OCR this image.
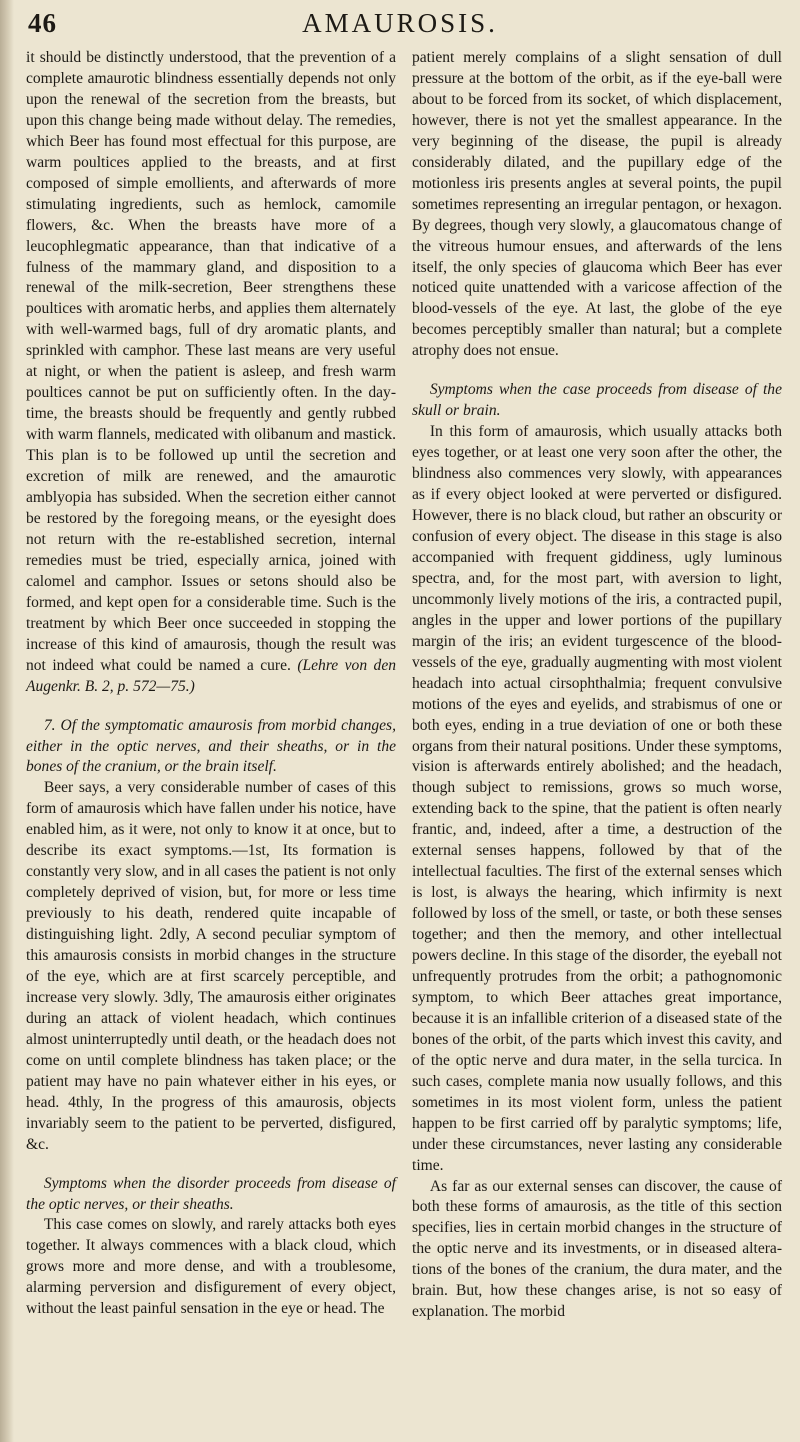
46	AMAUROSIS.

it should be distinctly understood, that the prevention of a complete amaurotic blindness essentially depends not only upon the renewal of the secretion from the breasts, but upon this change being made without delay. The remedies, which Beer has found most effectual for this purpose, are warm poultices applied to the breasts, and at first composed of simple emollients, and afterwards of more stimulating ingredients, such as hemlock, camomile flowers, &c. When the breasts have more of a leucophlegmatic appearance, than that indicative of a fulness of the mammary gland, and disposition to a renewal of the milk-secretion, Beer strengthens these poultices with aromatic herbs, and applies them alternately with well-warmed bags, full of dry aromatic plants, and sprinkled with camphor. These last means are very useful at night, or when the patient is asleep, and fresh warm poultices cannot be put on sufficiently often. In the day-time, the breasts should be frequently and gently rubbed with warm flannels, medicated with olibanum and mastick. This plan is to be followed up until the secretion and excretion of milk are renewed, and the amaurotic amblyopia has subsided. When the secretion either cannot be restored by the foregoing means, or the eyesight does not return with the re-established secretion, internal remedies must be tried, especially arnica, joined with calomel and camphor. Issues or setons should also be formed, and kept open for a considerable time. Such is the treatment by which Beer once succeeded in stopping the increase of this kind of amaurosis, though the result was not indeed what could be named a cure. (Lehre von den Augenkr. B. 2, p. 572—75.)

7. Of the symptomatic amaurosis from morbid changes, either in the optic nerves, and their sheaths, or in the bones of the cranium, or the brain itself.

Beer says, a very considerable number of cases of this form of amaurosis which have fallen under his notice, have enabled him, as it were, not only to know it at once, but to describe its exact symptoms.—1st, Its formation is constantly very slow, and in all cases the patient is not only completely deprived of vision, but, for more or less time previously to his death, rendered quite incapable of distinguishing light. 2dly, A second peculiar symptom of this amaurosis consists in morbid changes in the structure of the eye, which are at first scarcely perceptible, and increase very slowly. 3dly, The amaurosis either originates during an attack of violent headach, which continues almost uninterruptedly until death, or the headach does not come on until complete blindness has taken place; or the patient may have no pain whatever either in his eyes, or head. 4thly, In the progress of this amaurosis, objects invariably seem to the patient to be perverted, disfigured, &c.

Symptoms when the disorder proceeds from disease of the optic nerves, or their sheaths.

This case comes on slowly, and rarely attacks both eyes together. It always commences with a black cloud, which grows more and more dense, and with a troublesome, alarming perversion and disfigurement of every object, without the least painful sensation in the eye or head. The

patient merely complains of a slight sensation of dull pressure at the bottom of the orbit, as if the eye-ball were about to be forced from its socket, of which displacement, however, there is not yet the smallest appearance. In the very beginning of the disease, the pupil is already considerably dilated, and the pupillary edge of the motionless iris presents angles at several points, the pupil sometimes representing an irregular pentagon, or hexagon. By degrees, though very slowly, a glaucomatous change of the vitreous humour ensues, and afterwards of the lens itself, the only species of glaucoma which Beer has ever noticed quite unattended with a varicose affection of the blood-vessels of the eye. At last, the globe of the eye becomes perceptibly smaller than natural; but a complete atrophy does not ensue.

Symptoms when the case proceeds from disease of the skull or brain.

In this form of amaurosis, which usually attacks both eyes together, or at least one very soon after the other, the blindness also commences very slowly, with appearances as if every object looked at were perverted or disfigured. However, there is no black cloud, but rather an obscurity or confusion of every object. The disease in this stage is also accompanied with frequent giddiness, ugly luminous spectra, and, for the most part, with aversion to light, uncommonly lively motions of the iris, a contracted pupil, angles in the upper and lower portions of the pupillary margin of the iris; an evident turgescence of the blood-vessels of the eye, gradually augmenting with most violent headach into actual cirsophthalmia; frequent convulsive motions of the eyes and eyelids, and strabismus of one or both eyes, ending in a true deviation of one or both these organs from their natural positions. Under these symptoms, vision is afterwards entirely abolished; and the headach, though subject to remissions, grows so much worse, extending back to the spine, that the patient is often nearly frantic, and, indeed, after a time, a destruction of the external senses happens, followed by that of the intellectual faculties. The first of the external senses which is lost, is always the hearing, which infirmity is next followed by loss of the smell, or taste, or both these senses together; and then the memory, and other intellectual powers decline. In this stage of the disorder, the eyeball not unfrequently protrudes from the orbit; a pathognomonic symptom, to which Beer attaches great importance, because it is an infallible criterion of a diseased state of the bones of the orbit, of the parts which invest this cavity, and of the optic nerve and dura mater, in the sella turcica. In such cases, complete mania now usually follows, and this sometimes in its most violent form, unless the patient happen to be first carried off by paralytic symptoms; life, under these circumstances, never lasting any considerable time.

As far as our external senses can discover, the cause of both these forms of amaurosis, as the title of this section specifies, lies in certain morbid changes in the structure of the optic nerve and its investments, or in diseased alterations of the bones of the cranium, the dura mater, and the brain. But, how these changes arise, is not so easy of explanation. The morbid
